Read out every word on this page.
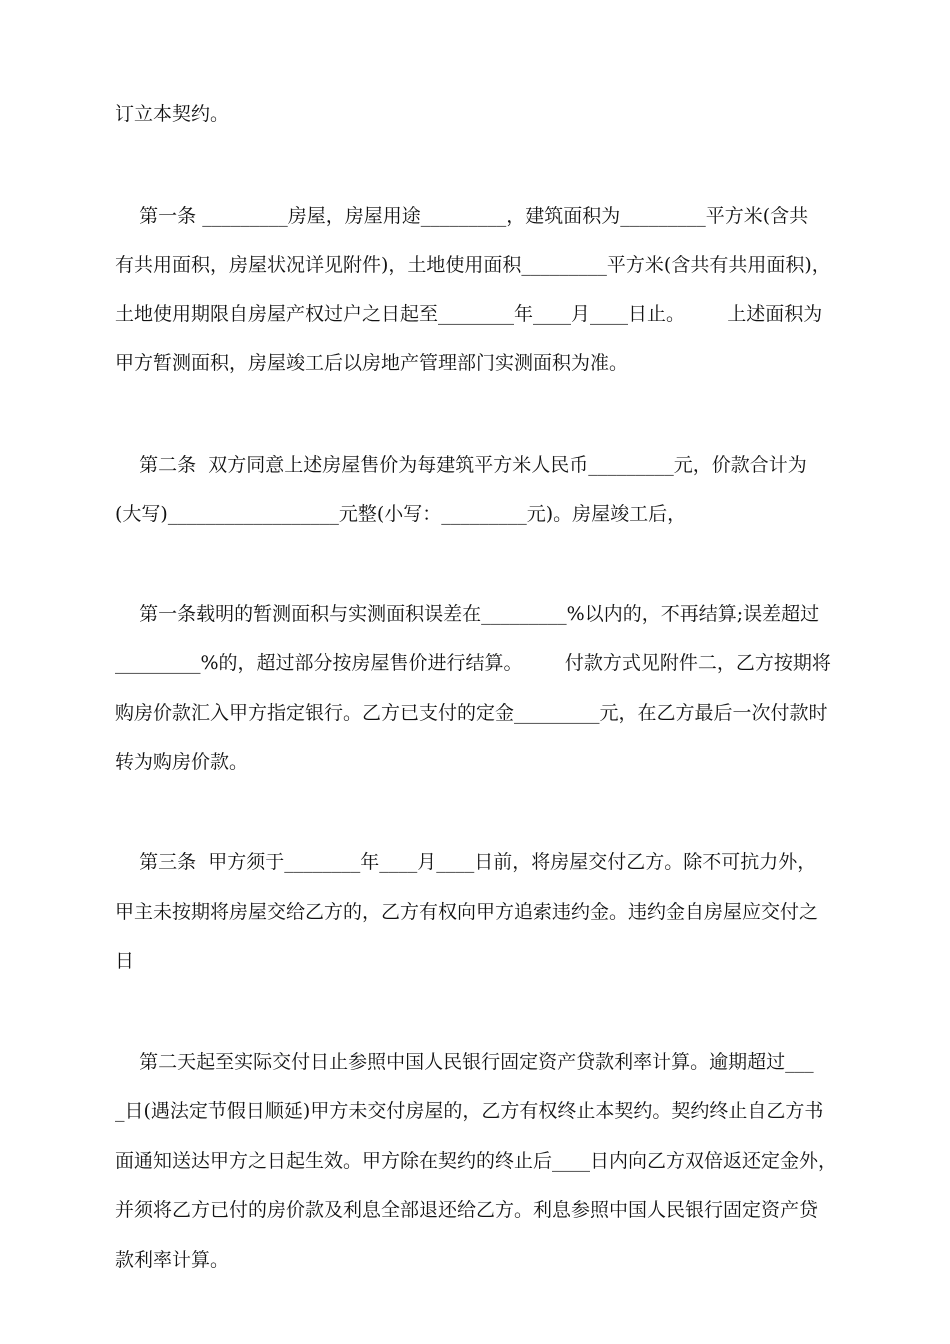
订立本契约。
第一条 _________房屋，房屋用途_________，建筑面积为_________平方米(含共
有共用面积，房屋状况详见附件)，土地使用面积_________平方米(含共有共用面积)，
土地使用期限自房屋产权过户之日起至________年____月____日止。       上述面积为
甲方暂测面积，房屋竣工后以房地产管理部门实测面积为准。
第二条  双方同意上述房屋售价为每建筑平方米人民币_________元，价款合计为
(大写)__________________元整(小写：_________元)。房屋竣工后，
第一条载明的暂测面积与实测面积误差在_________%以内的，不再结算;误差超过
_________%的，超过部分按房屋售价进行结算。       付款方式见附件二，乙方按期将
购房价款汇入甲方指定银行。乙方已支付的定金_________元，在乙方最后一次付款时
转为购房价款。
第三条  甲方须于________年____月____日前，将房屋交付乙方。除不可抗力外，
甲主未按期将房屋交给乙方的，乙方有权向甲方追索违约金。违约金自房屋应交付之
日
第二天起至实际交付日止参照中国人民银行固定资产贷款利率计算。逾期超过___
_日(遇法定节假日顺延)甲方未交付房屋的，乙方有权终止本契约。契约终止自乙方书
面通知送达甲方之日起生效。甲方除在契约的终止后____日内向乙方双倍返还定金外，
并须将乙方已付的房价款及利息全部退还给乙方。利息参照中国人民银行固定资产贷
款利率计算。
